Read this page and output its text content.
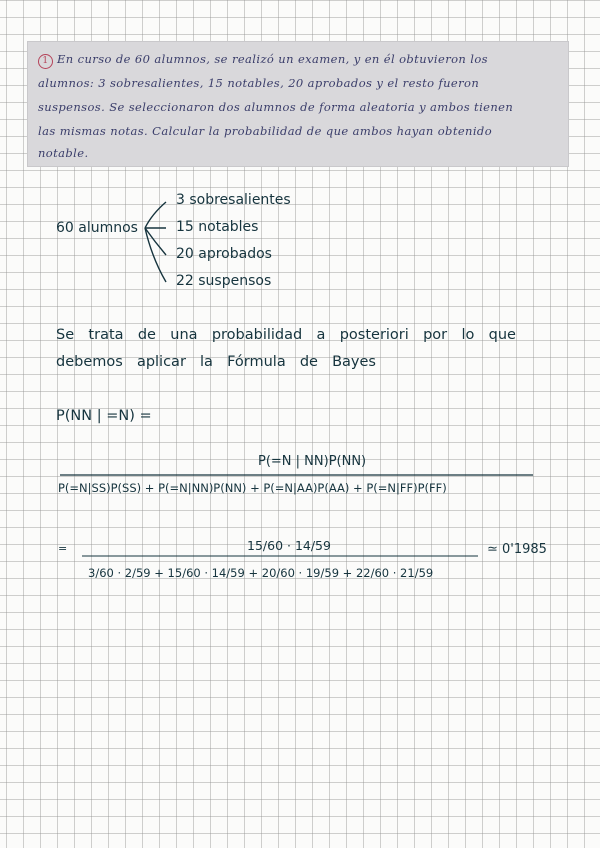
1 En curso de 60 alumnos, se realizó un examen, y en él obtuvieron los
alumnos: 3 sobresalientes, 15 notables, 20 aprobados y el resto fueron
suspensos. Se seleccionaron dos alumnos de forma aleatoria y ambos tienen
las mismas notas. Calcular la probabilidad de que ambos hayan obtenido
notable.
60 alumnos
3 sobresalientes
15 notables
20 aprobados
22 suspensos
Se trata de una probabilidad a posteriori por lo que
debemos aplicar la Fórmula de Bayes
P(NN | =N) =
P(=N | NN)P(NN)
P(=N|SS)P(SS) + P(=N|NN)P(NN) + P(=N|AA)P(AA) + P(=N|FF)P(FF)
=	15/60 · 14/59
3/60 · 2/59 + 15/60 · 14/59 + 20/60 · 19/59 + 22/60 · 21/59
≃ 0'1985
